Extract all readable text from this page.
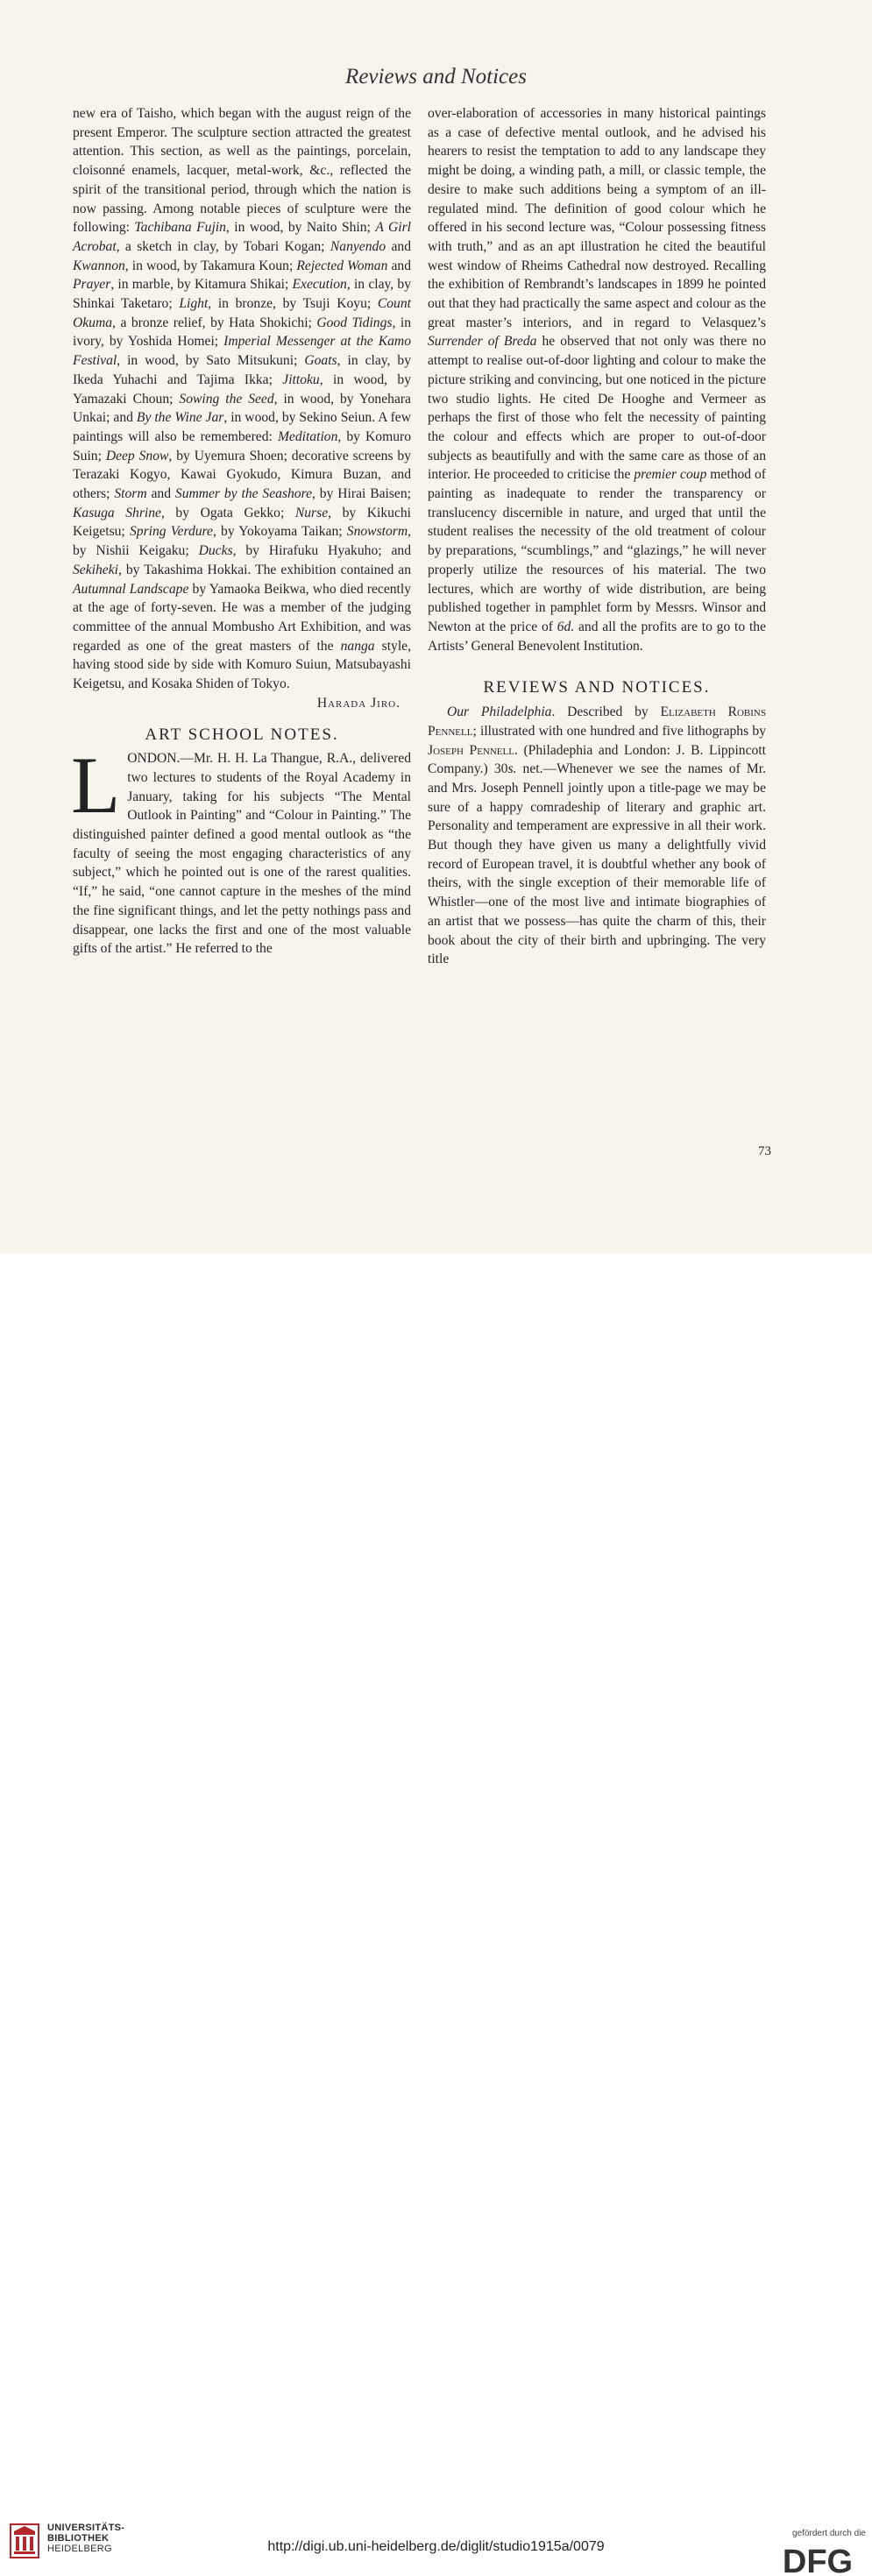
Reviews and Notices

new era of Taisho, which began with the august reign of the present Emperor. The sculpture section attracted the greatest attention. This section, as well as the paintings, porcelain, cloisonné enamels, lacquer, metal-work, &c., reflected the spirit of the transitional period, through which the nation is now passing. Among notable pieces of sculpture were the following: Tachibana Fujin, in wood, by Naito Shin; A Girl Acrobat, a sketch in clay, by Tobari Kogan; Nanyendo and Kwannon, in wood, by Takamura Koun; Rejected Woman and Prayer, in marble, by Kitamura Shikai; Execution, in clay, by Shinkai Taketaro; Light, in bronze, by Tsuji Koyu; Count Okuma, a bronze relief, by Hata Shokichi; Good Tidings, in ivory, by Yoshida Homei; Imperial Messenger at the Kamo Festival, in wood, by Sato Mitsukuni; Goats, in clay, by Ikeda Yuhachi and Tajima Ikka; Jittoku, in wood, by Yamazaki Choun; Sowing the Seed, in wood, by Yonehara Unkai; and By the Wine Jar, in wood, by Sekino Seiun. A few paintings will also be remembered: Meditation, by Komuro Suin; Deep Snow, by Uyemura Shoen; decorative screens by Terazaki Kogyo, Kawai Gyokudo, Kimura Buzan, and others; Storm and Summer by the Seashore, by Hirai Baisen; Kasuga Shrine, by Ogata Gekko; Nurse, by Kikuchi Keigetsu; Spring Verdure, by Yokoyama Taikan; Snowstorm, by Nishii Keigaku; Ducks, by Hirafuku Hyakuho; and Sekiheki, by Takashima Hokkai. The exhibition contained an Autumnal Landscape by Yamaoka Beikwa, who died recently at the age of forty-seven. He was a member of the judging committee of the annual Mombusho Art Exhibition, and was regarded as one of the great masters of the nanga style, having stood side by side with Komuro Suiun, Matsubayashi Keigetsu, and Kosaka Shiden of Tokyo.

Harada Jiro.

ART SCHOOL NOTES.

LONDON.—Mr. H. H. La Thangue, R.A., delivered two lectures to students of the Royal Academy in January, taking for his subjects “The Mental Outlook in Painting” and “Colour in Painting.” The distinguished painter defined a good mental outlook as “the faculty of seeing the most engaging characteristics of any subject,” which he pointed out is one of the rarest qualities. “If,” he said, “one cannot capture in the meshes of the mind the fine significant things, and let the petty nothings pass and disappear, one lacks the first and one of the most valuable gifts of the artist.” He referred to the

over-elaboration of accessories in many historical paintings as a case of defective mental outlook, and he advised his hearers to resist the temptation to add to any landscape they might be doing, a winding path, a mill, or classic temple, the desire to make such additions being a symptom of an ill-regulated mind. The definition of good colour which he offered in his second lecture was, “Colour possessing fitness with truth,” and as an apt illustration he cited the beautiful west window of Rheims Cathedral now destroyed. Recalling the exhibition of Rembrandt’s landscapes in 1899 he pointed out that they had practically the same aspect and colour as the great master’s interiors, and in regard to Velasquez’s Surrender of Breda he observed that not only was there no attempt to realise out-of-door lighting and colour to make the picture striking and convincing, but one noticed in the picture two studio lights. He cited De Hooghe and Vermeer as perhaps the first of those who felt the necessity of painting the colour and effects which are proper to out-of-door subjects as beautifully and with the same care as those of an interior. He proceeded to criticise the premier coup method of painting as inadequate to render the transparency or translucency discernible in nature, and urged that until the student realises the necessity of the old treatment of colour by preparations, “scumblings,” and “glazings,” he will never properly utilize the resources of his material. The two lectures, which are worthy of wide distribution, are being published together in pamphlet form by Messrs. Winsor and Newton at the price of 6d. and all the profits are to go to the Artists’ General Benevolent Institution.

REVIEWS AND NOTICES.

Our Philadelphia. Described by Elizabeth Robins Pennell; illustrated with one hundred and five lithographs by Joseph Pennell. (Philadephia and London: J. B. Lippincott Company.) 30s. net.—Whenever we see the names of Mr. and Mrs. Joseph Pennell jointly upon a title-page we may be sure of a happy comradeship of literary and graphic art. Personality and temperament are expressive in all their work. But though they have given us many a delightfully vivid record of European travel, it is doubtful whether any book of theirs, with the single exception of their memorable life of Whistler—one of the most live and intimate biographies of an artist that we possess—has quite the charm of this, their book about the city of their birth and upbringing. The very title

73
UNIVERSITÄTS-
BIBLIOTHEK
HEIDELBERG	http://digi.ub.uni-heidelberg.de/diglit/studio1915a/0079
gefördert durch die
DFG
